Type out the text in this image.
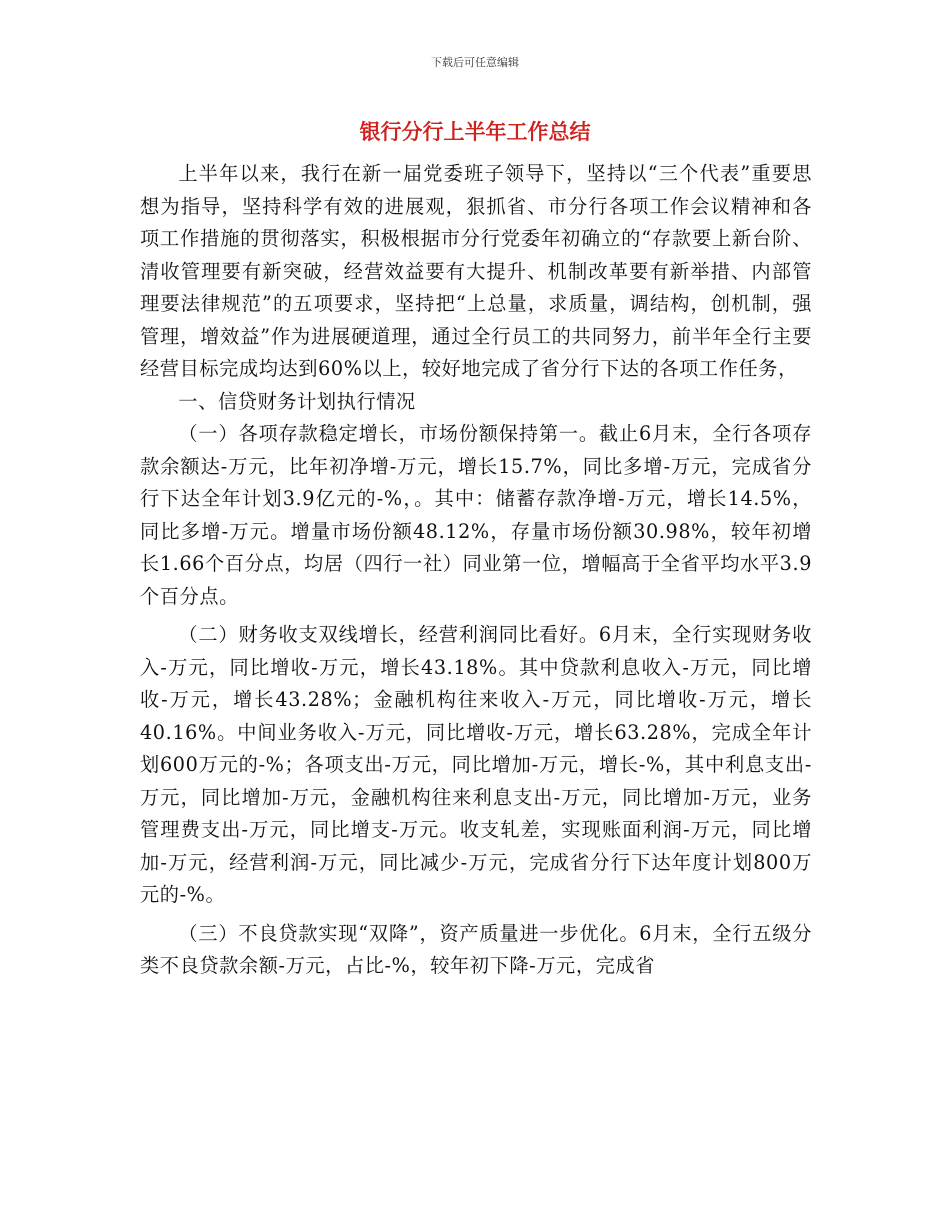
下载后可任意编辑
银行分行上半年工作总结

上半年以来，我行在新一届党委班子领导下，坚持以“三个代表”重要思想为指导，坚持科学有效的进展观，狠抓省、市分行各项工作会议精神和各项工作措施的贯彻落实，积极根据市分行党委年初确立的“存款要上新台阶、清收管理要有新突破，经营效益要有大提升、机制改革要有新举措、内部管理要法律规范”的五项要求，坚持把“上总量，求质量，调结构，创机制，强管理，增效益”作为进展硬道理，通过全行员工的共同努力，前半年全行主要经营目标完成均达到60%以上，较好地完成了省分行下达的各项工作任务，

一、信贷财务计划执行情况

（一）各项存款稳定增长，市场份额保持第一。截止6月末，全行各项存款余额达-万元，比年初净增-万元，增长15.7%，同比多增-万元，完成省分行下达全年计划3.9亿元的-%，。其中：储蓄存款净增-万元，增长14.5%，同比多增-万元。增量市场份额48.12%，存量市场份额30.98%，较年初增长1.66个百分点，均居（四行一社）同业第一位，增幅高于全省平均水平3.9个百分点。

（二）财务收支双线增长，经营利润同比看好。6月末，全行实现财务收入-万元，同比增收-万元，增长43.18%。其中贷款利息收入-万元，同比增收-万元，增长43.28%；金融机构往来收入-万元，同比增收-万元，增长40.16%。中间业务收入-万元，同比增收-万元，增长63.28%，完成全年计划600万元的-%；各项支出-万元，同比增加-万元，增长-%，其中利息支出-万元，同比增加-万元，金融机构往来利息支出-万元，同比增加-万元，业务管理费支出-万元，同比增支-万元。收支轧差，实现账面利润-万元，同比增加-万元，经营利润-万元，同比减少-万元，完成省分行下达年度计划800万元的-%。

（三）不良贷款实现“双降”，资产质量进一步优化。6月末，全行五级分类不良贷款余额-万元，占比-%，较年初下降-万元，完成省
